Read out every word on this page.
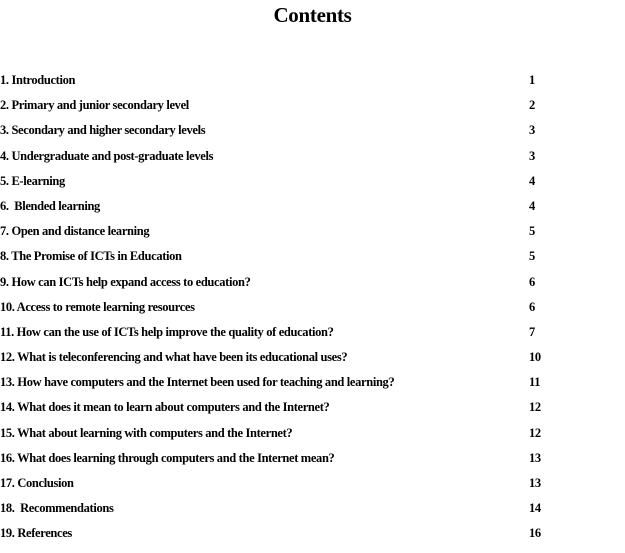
Contents
1. Introduction	1
2. Primary and junior secondary level	2
3. Secondary and higher secondary levels	3
4. Undergraduate and post-graduate levels	3
5. E-learning	4
6.  Blended learning	4
7. Open and distance learning	5
8. The Promise of ICTs in Education	5
9. How can ICTs help expand access to education?	6
10. Access to remote learning resources	6
11. How can the use of ICTs help improve the quality of education?	7
12. What is teleconferencing and what have been its educational uses?	10
13. How have computers and the Internet been used for teaching and learning?	11
14. What does it mean to learn about computers and the Internet?	12
15. What about learning with computers and the Internet?	12
16. What does learning through computers and the Internet mean?	13
17. Conclusion	13
18.  Recommendations	14
19. References	16
